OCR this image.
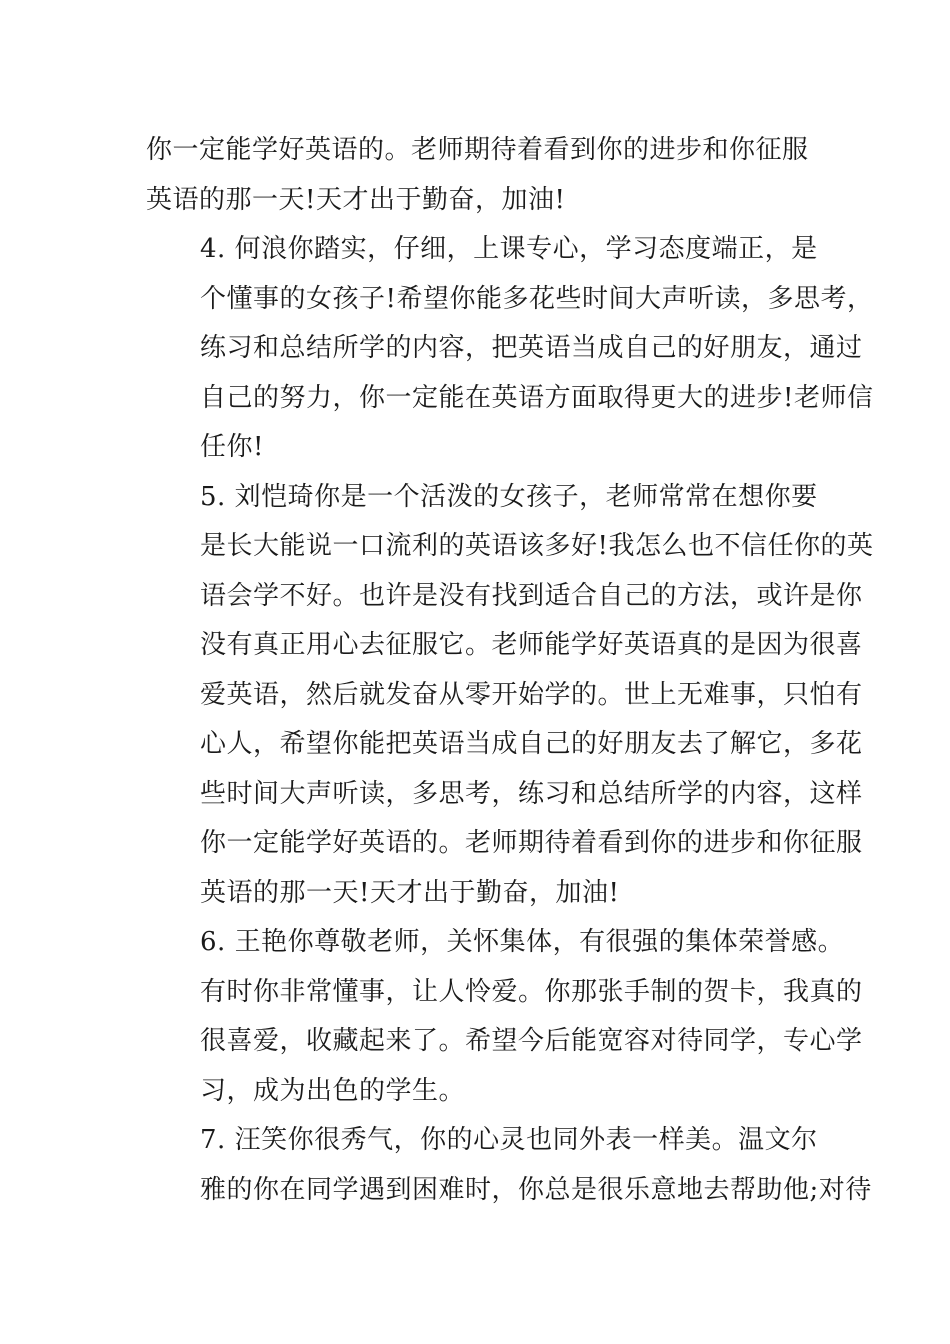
你一定能学好英语的。老师期待着看到你的进步和你征服
英语的那一天!天才出于勤奋，加油!
4. 何浪你踏实，仔细，上课专心，学习态度端正，是
个懂事的女孩子!希望你能多花些时间大声听读，多思考，
练习和总结所学的内容，把英语当成自己的好朋友，通过
自己的努力，你一定能在英语方面取得更大的进步!老师信
任你!
5. 刘恺琦你是一个活泼的女孩子，老师常常在想你要
是长大能说一口流利的英语该多好!我怎么也不信任你的英
语会学不好。也许是没有找到适合自己的方法，或许是你
没有真正用心去征服它。老师能学好英语真的是因为很喜
爱英语，然后就发奋从零开始学的。世上无难事，只怕有
心人，希望你能把英语当成自己的好朋友去了解它，多花
些时间大声听读，多思考，练习和总结所学的内容，这样
你一定能学好英语的。老师期待着看到你的进步和你征服
英语的那一天!天才出于勤奋，加油!
6. 王艳你尊敬老师，关怀集体，有很强的集体荣誉感。
有时你非常懂事，让人怜爱。你那张手制的贺卡，我真的
很喜爱，收藏起来了。希望今后能宽容对待同学，专心学
习，成为出色的学生。
7. 汪笑你很秀气，你的心灵也同外表一样美。温文尔
雅的你在同学遇到困难时，你总是很乐意地去帮助他;对待
